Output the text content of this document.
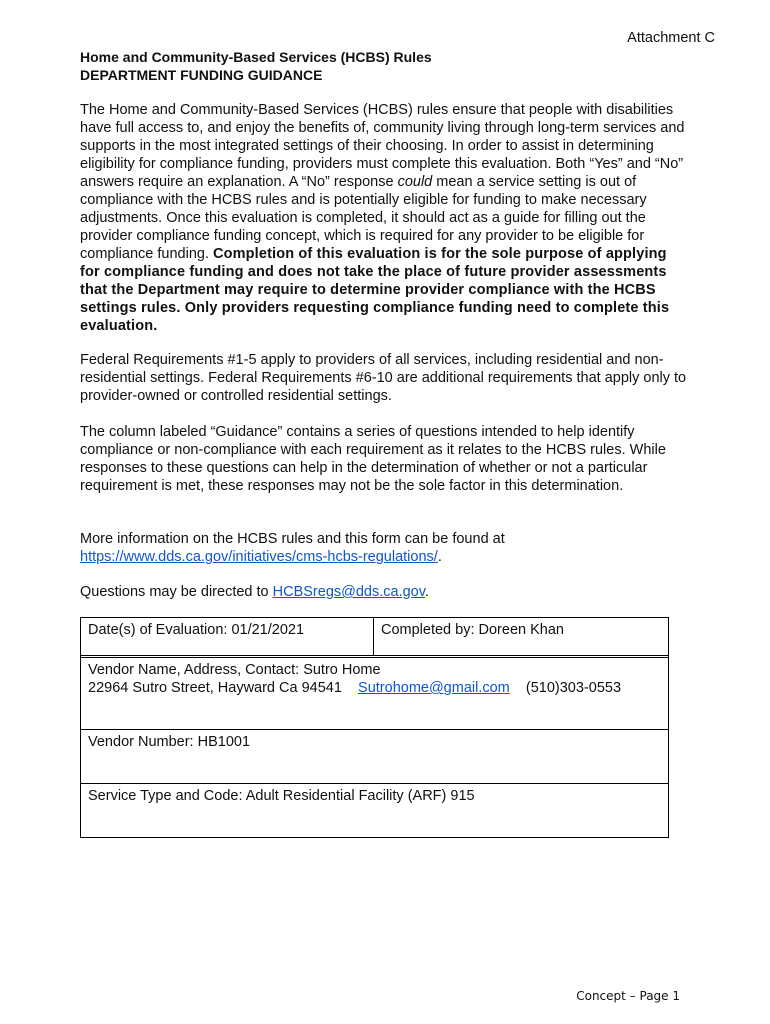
Attachment C
Home and Community-Based Services (HCBS) Rules
DEPARTMENT FUNDING GUIDANCE
The Home and Community-Based Services (HCBS) rules ensure that people with disabilities have full access to, and enjoy the benefits of, community living through long-term services and supports in the most integrated settings of their choosing. In order to assist in determining eligibility for compliance funding, providers must complete this evaluation. Both “Yes” and “No” answers require an explanation. A “No” response could mean a service setting is out of compliance with the HCBS rules and is potentially eligible for funding to make necessary adjustments. Once this evaluation is completed, it should act as a guide for filling out the provider compliance funding concept, which is required for any provider to be eligible for compliance funding. Completion of this evaluation is for the sole purpose of applying for compliance funding and does not take the place of future provider assessments that the Department may require to determine provider compliance with the HCBS settings rules. Only providers requesting compliance funding need to complete this evaluation.
Federal Requirements #1-5 apply to providers of all services, including residential and non-residential settings. Federal Requirements #6-10 are additional requirements that apply only to provider-owned or controlled residential settings.
The column labeled “Guidance” contains a series of questions intended to help identify compliance or non-compliance with each requirement as it relates to the HCBS rules. While responses to these questions can help in the determination of whether or not a particular requirement is met, these responses may not be the sole factor in this determination.
More information on the HCBS rules and this form can be found at
https://www.dds.ca.gov/initiatives/cms-hcbs-regulations/.
Questions may be directed to HCBSregs@dds.ca.gov.
Date(s) of Evaluation: 01/21/2021	Completed by: Doreen Khan
Vendor Name, Address, Contact: Sutro Home
22964 Sutro Street, Hayward Ca 94541 Sutrohome@gmail.com (510)303-0553
Vendor Number: HB1001
Service Type and Code: Adult Residential Facility (ARF) 915
Concept – Page 1
